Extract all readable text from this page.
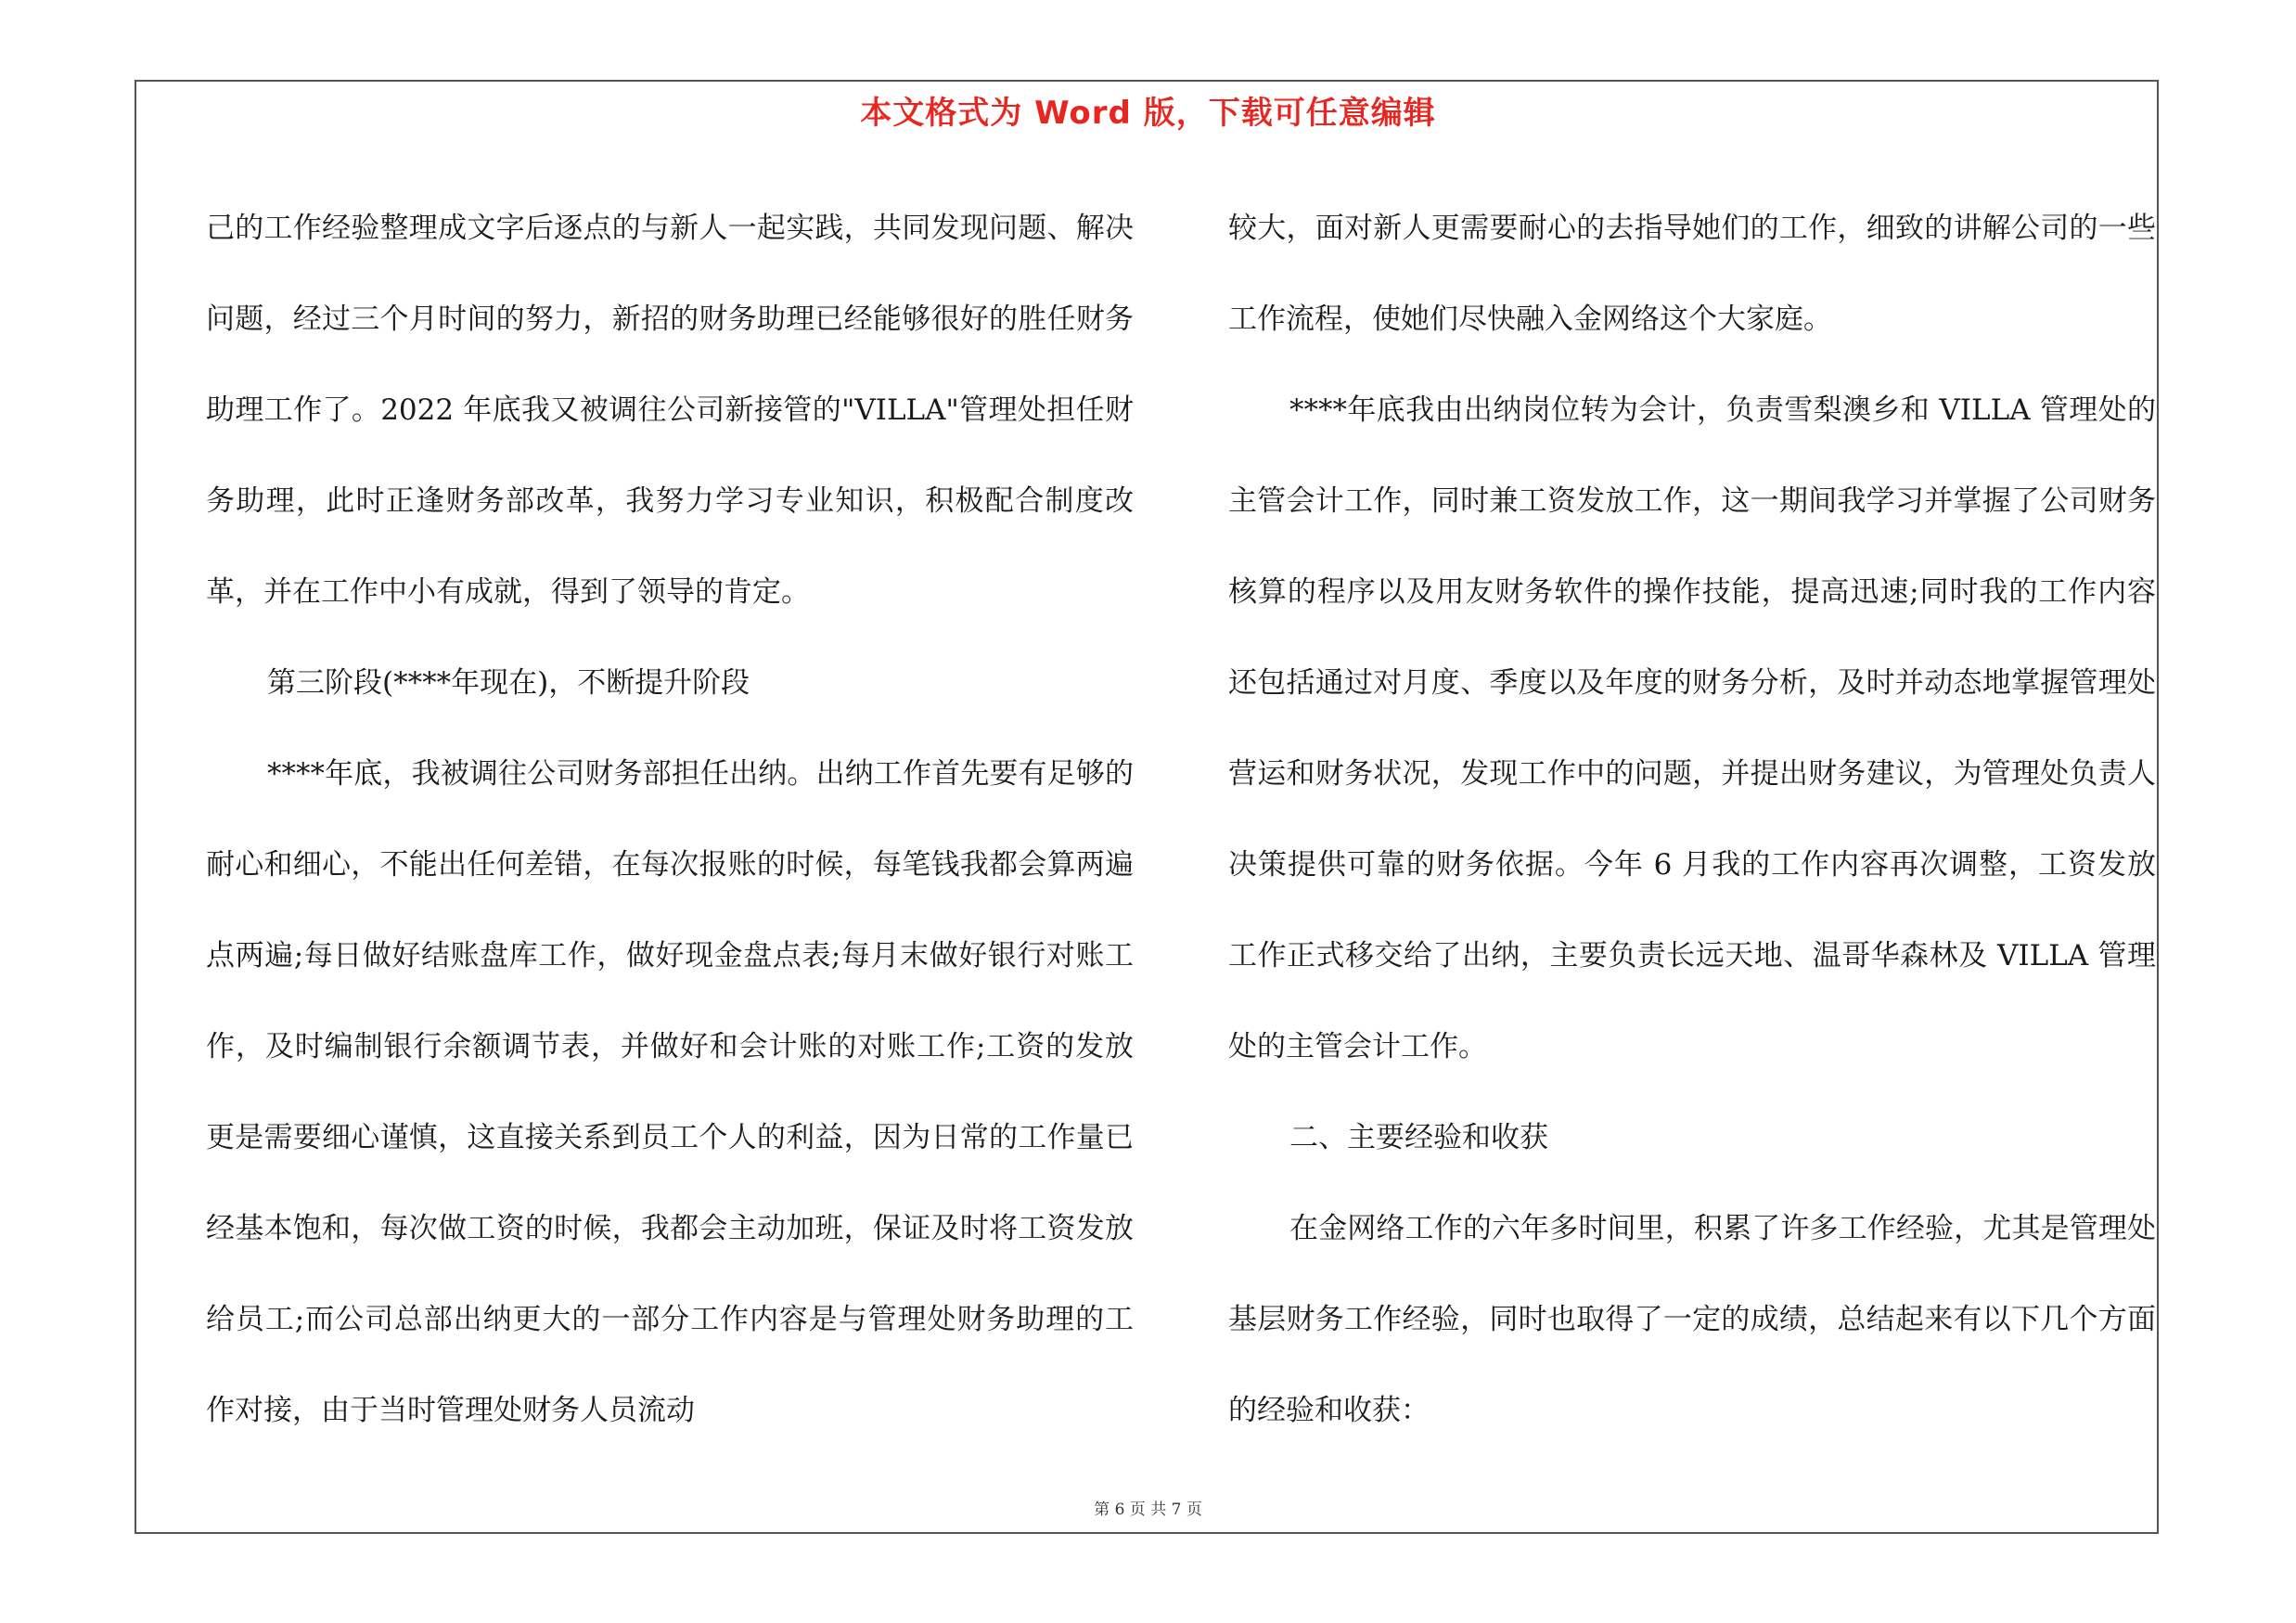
本文格式为 Word 版，下载可任意编辑

己的工作经验整理成文字后逐点的与新人一起实践，共同发现问题、解决问题，经过三个月时间的努力，新招的财务助理已经能够很好的胜任财务助理工作了。2022 年底我又被调往公司新接管的"VILLA"管理处担任财务助理，此时正逢财务部改革，我努力学习专业知识，积极配合制度改革，并在工作中小有成就，得到了领导的肯定。

第三阶段(****年现在)，不断提升阶段

****年底，我被调往公司财务部担任出纳。出纳工作首先要有足够的耐心和细心，不能出任何差错，在每次报账的时候，每笔钱我都会算两遍点两遍;每日做好结账盘库工作，做好现金盘点表;每月末做好银行对账工作，及时编制银行余额调节表，并做好和会计账的对账工作;工资的发放更是需要细心谨慎，这直接关系到员工个人的利益，因为日常的工作量已经基本饱和，每次做工资的时候，我都会主动加班，保证及时将工资发放给员工;而公司总部出纳更大的一部分工作内容是与管理处财务助理的工作对接，由于当时管理处财务人员流动

较大，面对新人更需要耐心的去指导她们的工作，细致的讲解公司的一些工作流程，使她们尽快融入金网络这个大家庭。

****年底我由出纳岗位转为会计，负责雪梨澳乡和 VILLA 管理处的主管会计工作，同时兼工资发放工作，这一期间我学习并掌握了公司财务核算的程序以及用友财务软件的操作技能，提高迅速;同时我的工作内容还包括通过对月度、季度以及年度的财务分析，及时并动态地掌握管理处营运和财务状况，发现工作中的问题，并提出财务建议，为管理处负责人决策提供可靠的财务依据。今年 6 月我的工作内容再次调整，工资发放工作正式移交给了出纳，主要负责长远天地、温哥华森林及 VILLA 管理处的主管会计工作。

二、主要经验和收获

在金网络工作的六年多时间里，积累了许多工作经验，尤其是管理处基层财务工作经验，同时也取得了一定的成绩，总结起来有以下几个方面的经验和收获：

第 6 页 共 7 页
